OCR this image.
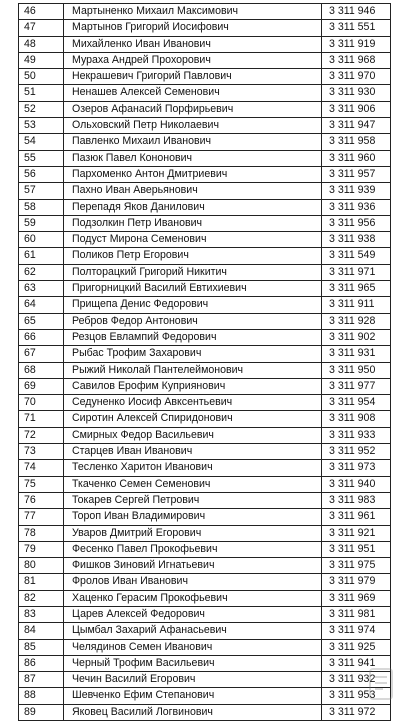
46	Мартыненко Михаил Максимович	3 311 946
47	Мартынов Григорий Иосифович	3 311 551
48	Михайленко Иван Иванович	3 311 919
49	Мураха Андрей Прохорович	3 311 968
50	Некрашевич Григорий Павлович	3 311 970
51	Ненашев Алексей Семенович	3 311 930
52	Озеров Афанасий Порфирьевич	3 311 906
53	Ольховский Петр Николаевич	3 311 947
54	Павленко Михаил Иванович	3 311 958
55	Пазюк Павел Кононович	3 311 960
56	Пархоменко Антон Дмитриевич	3 311 957
57	Пахно Иван Аверьянович	3 311 939
58	Перепадя Яков Данилович	3 311 936
59	Подзолкин Петр Иванович	3 311 956
60	Подуст Мирона Семенович	3 311 938
61	Поликов Петр Егорович	3 311 549
62	Полторацкий Григорий Никитич	3 311 971
63	Пригорницкий Василий Евтихиевич	3 311 965
64	Прищепа Денис Федорович	3 311 911
65	Ребров Федор Антонович	3 311 928
66	Резцов Евлампий Федорович	3 311 902
67	Рыбас Трофим Захарович	3 311 931
68	Рыжий Николай Пантелеймонович	3 311 950
69	Савилов Ерофим Куприянович	3 311 977
70	Седуненко Иосиф Авксентьевич	3 311 954
71	Сиротин Алексей Спиридонович	3 311 908
72	Смирных Федор Васильевич	3 311 933
73	Старцев Иван Иванович	3 311 952
74	Тесленко Харитон Иванович	3 311 973
75	Ткаченко Семен Семенович	3 311 940
76	Токарев Сергей Петрович	3 311 983
77	Тороп Иван Владимирович	3 311 961
78	Уваров Дмитрий Егорович	3 311 921
79	Фесенко Павел Прокофьевич	3 311 951
80	Фишков Зиновий Игнатьевич	3 311 975
81	Фролов Иван Иванович	3 311 979
82	Хаценко Герасим Прокофьевич	3 311 969
83	Царев Алексей Федорович	3 311 981
84	Цымбал Захарий Афанасьевич	3 311 974
85	Челядинов Семен Иванович	3 311 925
86	Черный Трофим Васильевич	3 311 941
87	Чечин Василий Егорович	3 311 932
88	Шевченко Ефим Степанович	3 311 953
89	Яковец Василий Логвинович	3 311 972
